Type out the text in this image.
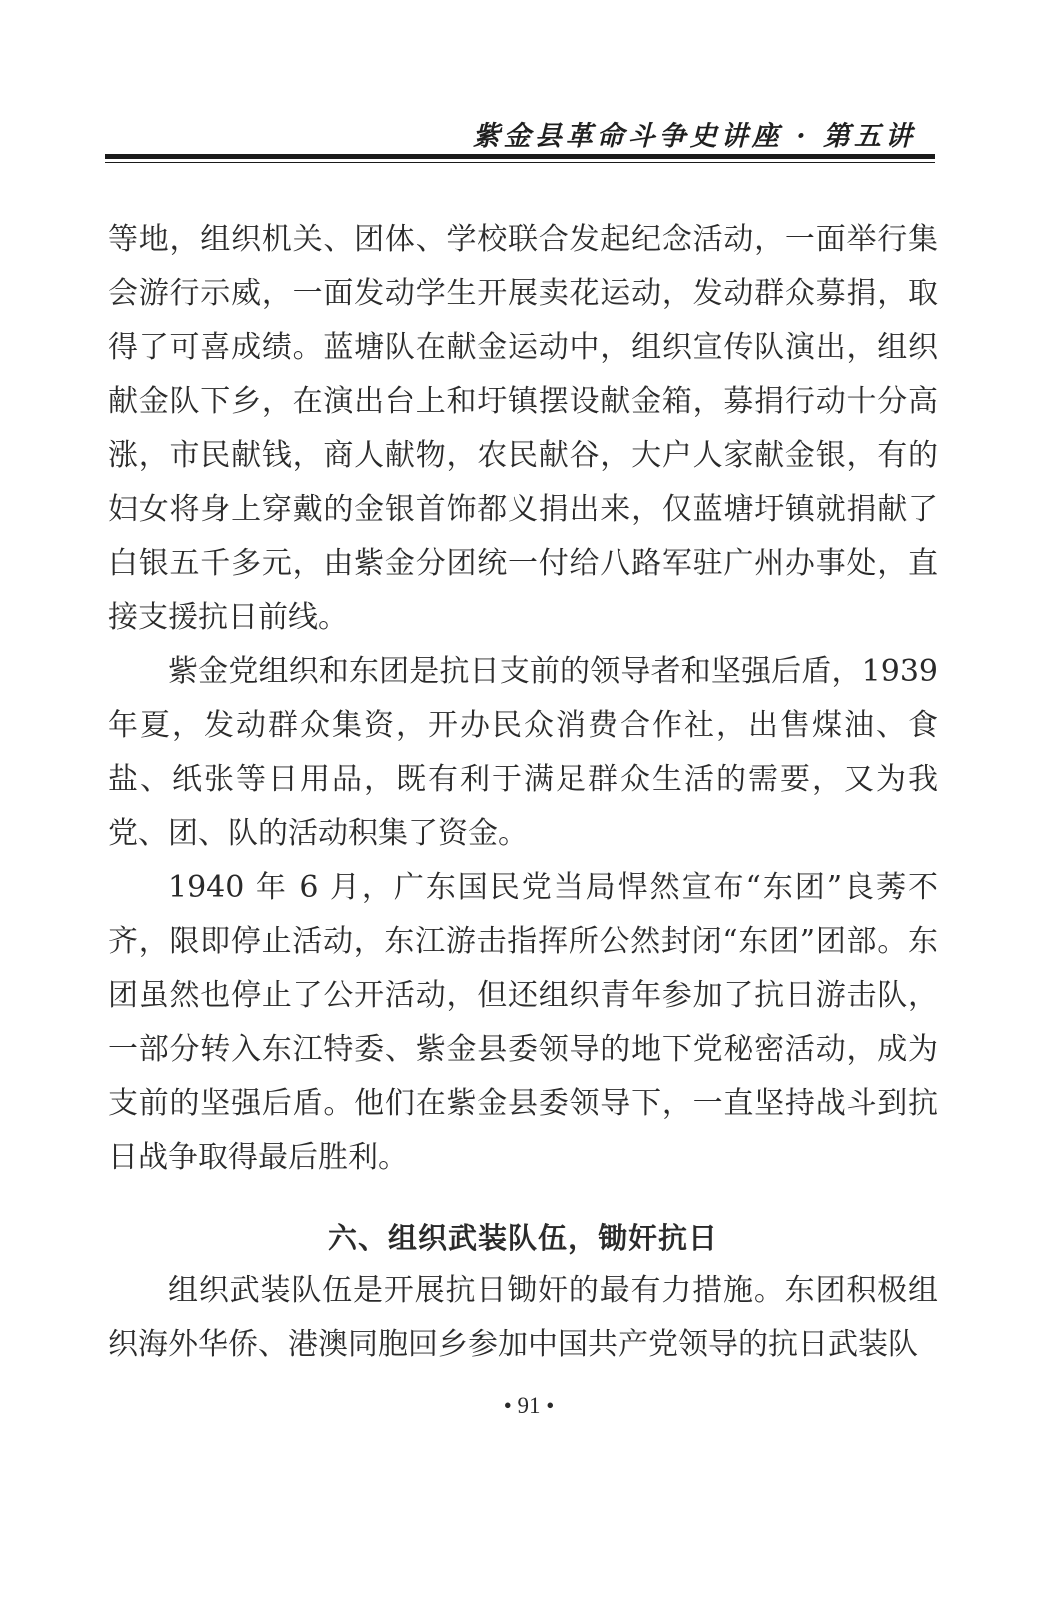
紫金县革命斗争史讲座 · 第五讲

等地，组织机关、团体、学校联合发起纪念活动，一面举行集会游行示威，一面发动学生开展卖花运动，发动群众募捐，取得了可喜成绩。蓝塘队在献金运动中，组织宣传队演出，组织献金队下乡，在演出台上和圩镇摆设献金箱，募捐行动十分高涨，市民献钱，商人献物，农民献谷，大户人家献金银，有的妇女将身上穿戴的金银首饰都义捐出来，仅蓝塘圩镇就捐献了白银五千多元，由紫金分团统一付给八路军驻广州办事处，直接支援抗日前线。

紫金党组织和东团是抗日支前的领导者和坚强后盾，1939 年夏，发动群众集资，开办民众消费合作社，出售煤油、食盐、纸张等日用品，既有利于满足群众生活的需要，又为我党、团、队的活动积集了资金。

1940 年 6 月，广东国民党当局悍然宣布“东团”良莠不齐，限即停止活动，东江游击指挥所公然封闭“东团”团部。东团虽然也停止了公开活动，但还组织青年参加了抗日游击队，一部分转入东江特委、紫金县委领导的地下党秘密活动，成为支前的坚强后盾。他们在紫金县委领导下，一直坚持战斗到抗日战争取得最后胜利。

六、组织武装队伍，锄奸抗日
组织武装队伍是开展抗日锄奸的最有力措施。东团积极组织海外华侨、港澳同胞回乡参加中国共产党领导的抗日武装队
• 91 •
